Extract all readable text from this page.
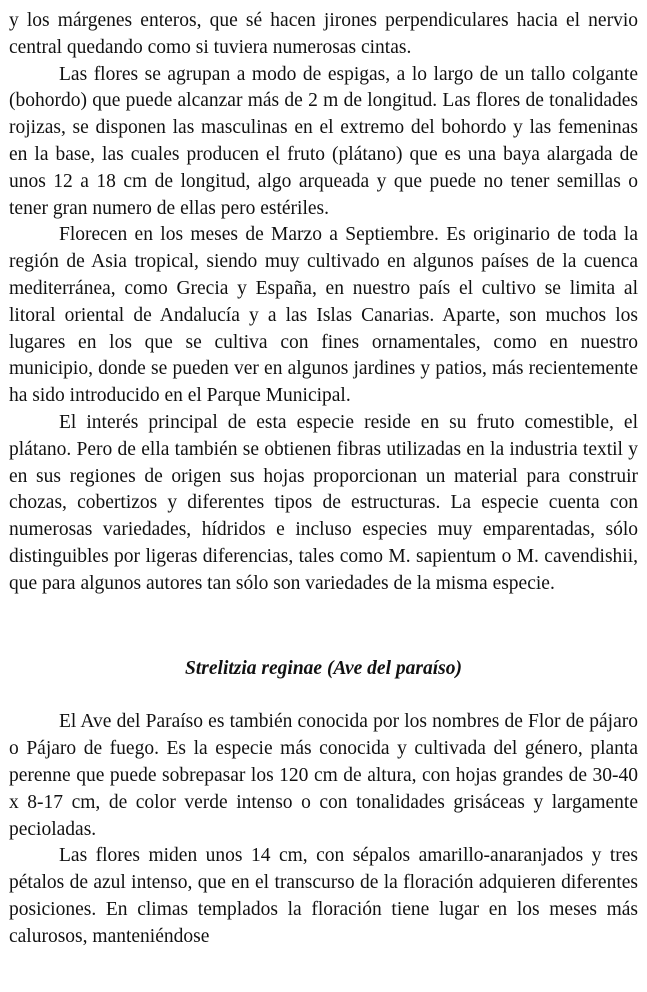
y los márgenes enteros, que sé hacen jirones perpendiculares hacia el nervio central quedando como si tuviera numerosas cintas.

Las flores se agrupan a modo de espigas, a lo largo de un tallo colgante (bohordo) que puede alcanzar más de 2 m de longitud. Las flores de tonalidades rojizas, se disponen las masculinas en el extremo del bohordo y las femeninas en la base, las cuales producen el fruto (plátano) que es una baya alargada de unos 12 a 18 cm de longitud, algo arqueada y que puede no tener semillas o tener gran numero de ellas pero estériles.

Florecen en los meses de Marzo a Septiembre. Es originario de toda la región de Asia tropical, siendo muy cultivado en algunos países de la cuenca mediterránea, como Grecia y España, en nuestro país el cultivo se limita al litoral oriental de Andalucía y a las Islas Canarias. Aparte, son muchos los lugares en los que se cultiva con fines ornamentales, como en nuestro municipio, donde se pueden ver en algunos jardines y patios, más recientemente ha sido introducido en el Parque Municipal.

El interés principal de esta especie reside en su fruto comestible, el plátano. Pero de ella también se obtienen fibras utilizadas en la industria textil y en sus regiones de origen sus hojas proporcionan un material para construir chozas, cobertizos y diferentes tipos de estructuras. La especie cuenta con numerosas variedades, hídridos e incluso especies muy emparentadas, sólo distinguibles por ligeras diferencias, tales como M. sapientum o M. cavendishii, que para algunos autores tan sólo son variedades de la misma especie.

Strelitzia reginae (Ave del paraíso)

El Ave del Paraíso es también conocida por los nombres de Flor de pájaro o Pájaro de fuego. Es la especie más conocida y cultivada del género, planta perenne que puede sobrepasar los 120 cm de altura, con hojas grandes de 30-40 x 8-17 cm, de color verde intenso o con tonalidades grisáceas y largamente pecioladas.

Las flores miden unos 14 cm, con sépalos amarillo-anaranjados y tres pétalos de azul intenso, que en el transcurso de la floración adquieren diferentes posiciones. En climas templados la floración tiene lugar en los meses más calurosos, manteniéndose
